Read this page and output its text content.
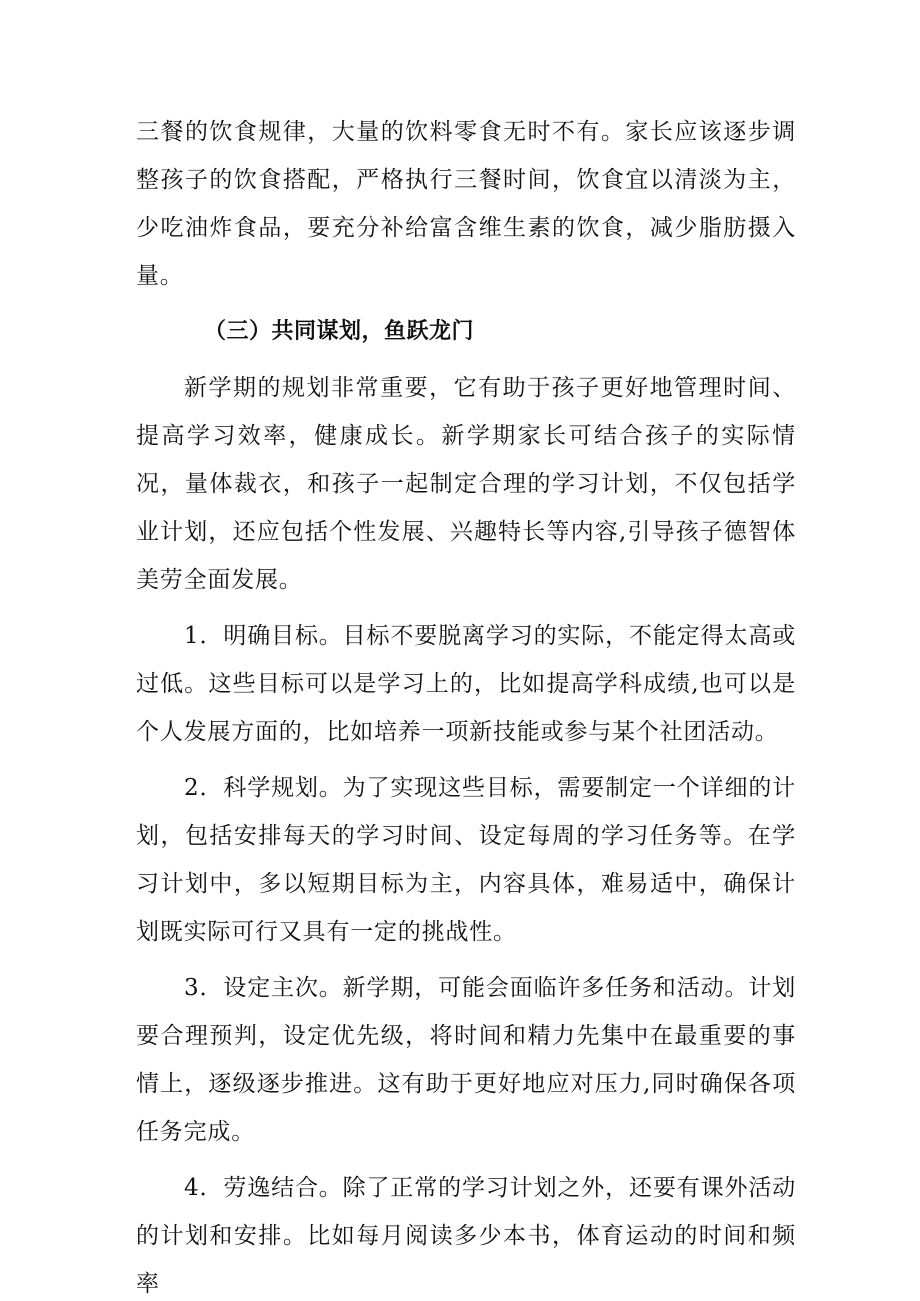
三餐的饮食规律，大量的饮料零食无时不有。家长应该逐步调整孩子的饮食搭配，严格执行三餐时间，饮食宜以清淡为主，少吃油炸食品，要充分补给富含维生素的饮食，减少脂肪摄入量。

（三）共同谋划，鱼跃龙门

新学期的规划非常重要，它有助于孩子更好地管理时间、提高学习效率，健康成长。新学期家长可结合孩子的实际情况，量体裁衣，和孩子一起制定合理的学习计划，不仅包括学业计划，还应包括个性发展、兴趣特长等内容,引导孩子德智体美劳全面发展。

1．明确目标。目标不要脱离学习的实际，不能定得太高或过低。这些目标可以是学习上的，比如提高学科成绩,也可以是个人发展方面的，比如培养一项新技能或参与某个社团活动。

2．科学规划。为了实现这些目标，需要制定一个详细的计划，包括安排每天的学习时间、设定每周的学习任务等。在学习计划中，多以短期目标为主，内容具体，难易适中，确保计划既实际可行又具有一定的挑战性。

3．设定主次。新学期，可能会面临许多任务和活动。计划要合理预判，设定优先级，将时间和精力先集中在最重要的事情上，逐级逐步推进。这有助于更好地应对压力,同时确保各项任务完成。

4．劳逸结合。除了正常的学习计划之外，还要有课外活动的计划和安排。比如每月阅读多少本书，体育运动的时间和频率
